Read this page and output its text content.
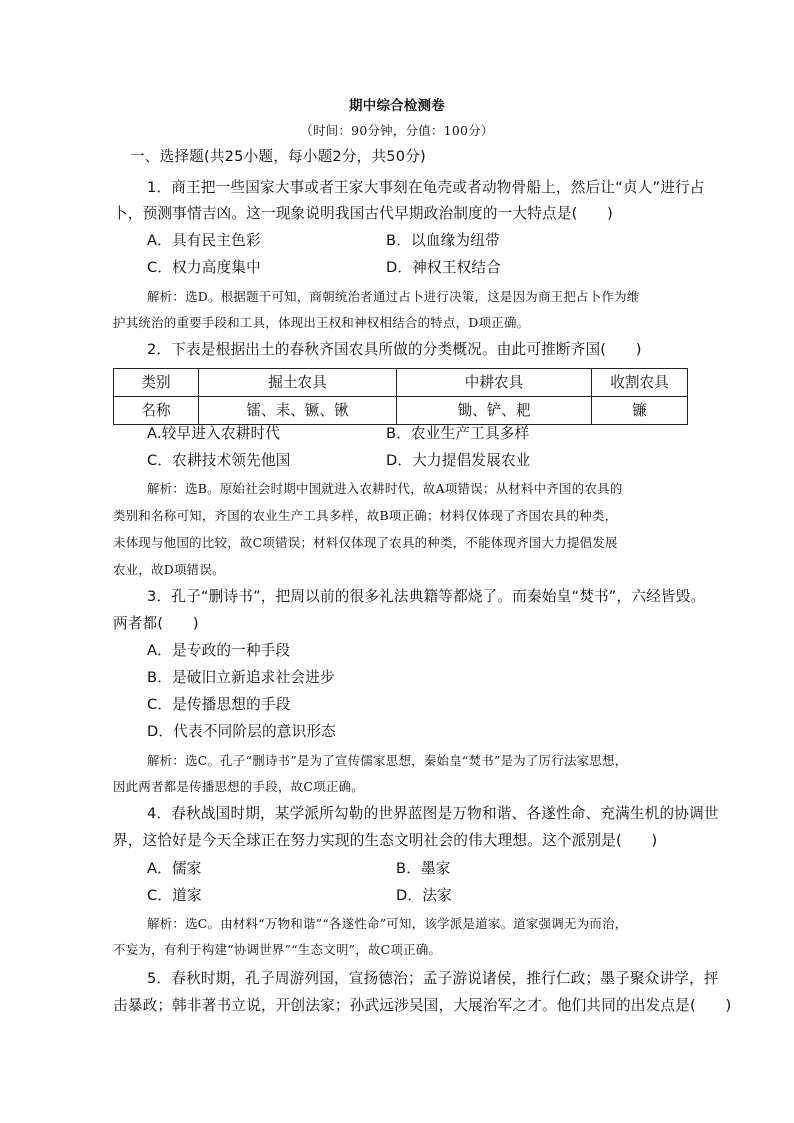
期中综合检测卷
（时间：90分钟，分值：100分）
一、选择题(共25小题，每小题2分，共50分)
1．商王把一些国家大事或者王家大事刻在龟壳或者动物骨船上，然后让“贞人”进行占
卜，预测事情吉凶。这一现象说明我国古代早期政治制度的一大特点是(　　)
A．具有民主色彩	B．以血缘为纽带
C．权力高度集中	D．神权王权结合
解析：选D。根据题干可知，商朝统治者通过占卜进行决策，这是因为商王把占卜作为维
护其统治的重要手段和工具，体现出王权和神权相结合的特点，D项正确。
2．下表是根据出土的春秋齐国农具所做的分类概况。由此可推断齐国(　　)
类别	掘土农具	中耕农具	收割农具
名称	镭、耒、镢、锹	锄、铲、耙	镰
A.较早进入农耕时代	B．农业生产工具多样
C．农耕技术领先他国	D．大力提倡发展农业
解析：选B。原始社会时期中国就进入农耕时代，故A项错误；从材料中齐国的农具的
类别和名称可知，齐国的农业生产工具多样，故B项正确；材料仅体现了齐国农具的种类，
未体现与他国的比较，故C项错误；材料仅体现了农具的种类，不能体现齐国大力提倡发展
农业，故D项错误。
3．孔子“删诗书”，把周以前的很多礼法典籍等都烧了。而秦始皇“焚书”，六经皆毁。
两者都(　　)
A．是专政的一种手段
B．是破旧立新追求社会进步
C．是传播思想的手段
D．代表不同阶层的意识形态
解析：选C。孔子“删诗书”是为了宣传儒家思想，秦始皇“焚书”是为了厉行法家思想，
因此两者都是传播思想的手段，故C项正确。
4．春秋战国时期，某学派所勾勒的世界蓝图是万物和谐、各遂性命、充满生机的协调世
界，这恰好是今天全球正在努力实现的生态文明社会的伟大理想。这个派别是(　　)
A．儒家	B．墨家
C．道家	D．法家
解析：选C。由材料“万物和谐”“各遂性命”可知，该学派是道家。道家强调无为而治，
不妄为，有利于构建“协调世界”“生态文明”，故C项正确。
5．春秋时期，孔子周游列国，宣扬德治；孟子游说诸侯，推行仁政；墨子聚众讲学，抨
击暴政；韩非著书立说，开创法家；孙武远涉吴国，大展治军之才。他们共同的出发点是(　　)
